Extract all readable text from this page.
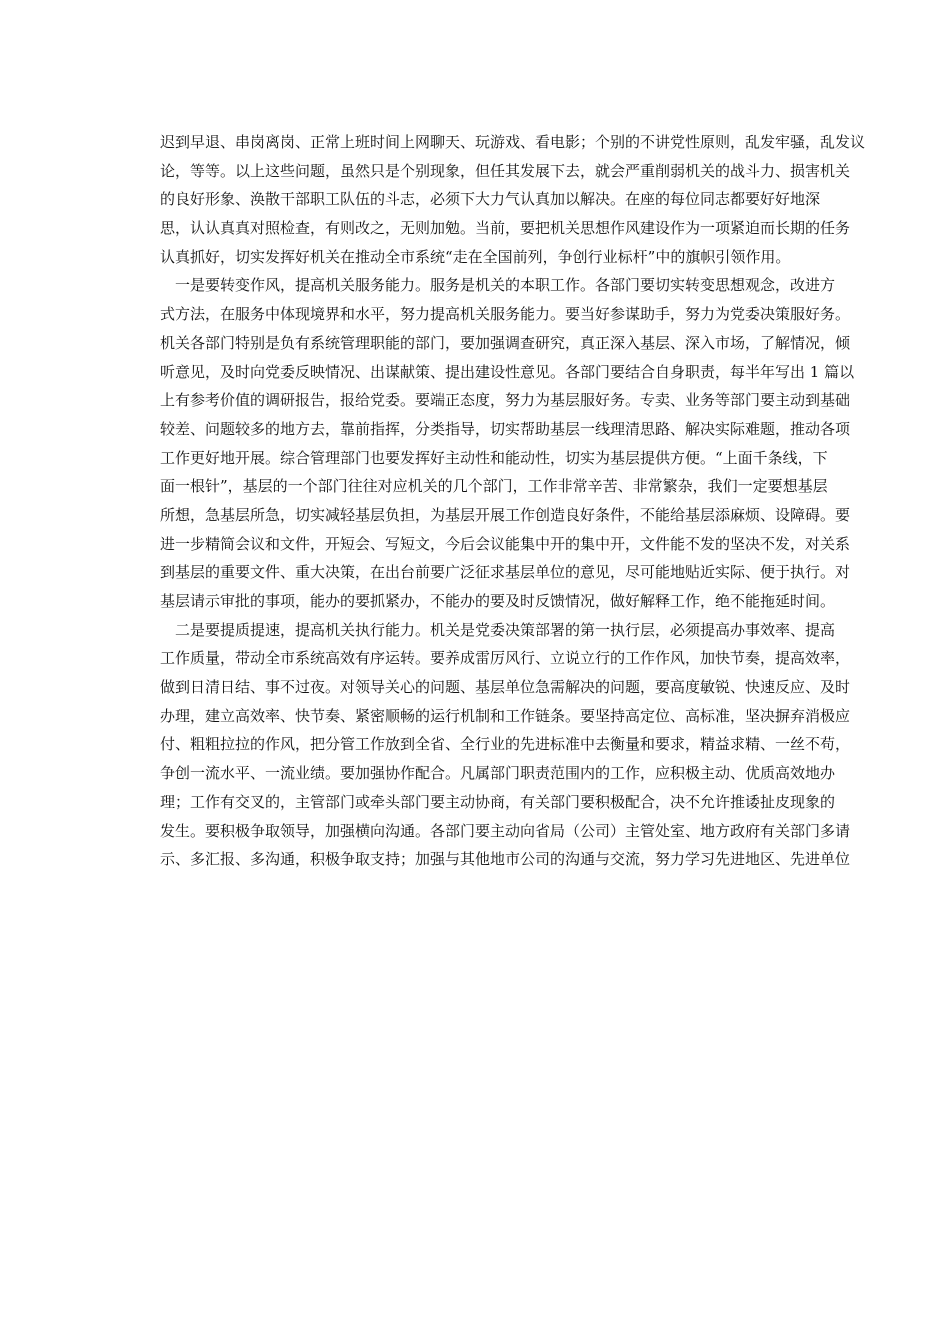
迟到早退、串岗离岗、正常上班时间上网聊天、玩游戏、看电影；个别的不讲党性原则，乱发牢骚，乱发议
论，等等。以上这些问题，虽然只是个别现象，但任其发展下去，就会严重削弱机关的战斗力、损害机关
的良好形象、涣散干部职工队伍的斗志，必须下大力气认真加以解决。在座的每位同志都要好好地深
思，认认真真对照检查，有则改之，无则加勉。当前，要把机关思想作风建设作为一项紧迫而长期的任务
认真抓好，切实发挥好机关在推动全市系统“走在全国前列，争创行业标杆”中的旗帜引领作用。
一是要转变作风，提高机关服务能力。服务是机关的本职工作。各部门要切实转变思想观念，改进方
式方法，在服务中体现境界和水平，努力提高机关服务能力。要当好参谋助手，努力为党委决策服好务。
机关各部门特别是负有系统管理职能的部门，要加强调查研究，真正深入基层、深入市场，了解情况，倾
听意见，及时向党委反映情况、出谋献策、提出建设性意见。各部门要结合自身职责，每半年写出 1 篇以
上有参考价值的调研报告，报给党委。要端正态度，努力为基层服好务。专卖、业务等部门要主动到基础
较差、问题较多的地方去，靠前指挥，分类指导，切实帮助基层一线理清思路、解决实际难题，推动各项
工作更好地开展。综合管理部门也要发挥好主动性和能动性，切实为基层提供方便。“上面千条线，下
面一根针”，基层的一个部门往往对应机关的几个部门，工作非常辛苦、非常繁杂，我们一定要想基层
所想，急基层所急，切实减轻基层负担，为基层开展工作创造良好条件，不能给基层添麻烦、设障碍。要
进一步精简会议和文件，开短会、写短文，今后会议能集中开的集中开，文件能不发的坚决不发，对关系
到基层的重要文件、重大决策，在出台前要广泛征求基层单位的意见，尽可能地贴近实际、便于执行。对
基层请示审批的事项，能办的要抓紧办，不能办的要及时反馈情况，做好解释工作，绝不能拖延时间。
二是要提质提速，提高机关执行能力。机关是党委决策部署的第一执行层，必须提高办事效率、提高
工作质量，带动全市系统高效有序运转。要养成雷厉风行、立说立行的工作作风，加快节奏，提高效率，
做到日清日结、事不过夜。对领导关心的问题、基层单位急需解决的问题，要高度敏锐、快速反应、及时
办理，建立高效率、快节奏、紧密顺畅的运行机制和工作链条。要坚持高定位、高标准，坚决摒弃消极应
付、粗粗拉拉的作风，把分管工作放到全省、全行业的先进标准中去衡量和要求，精益求精、一丝不苟，
争创一流水平、一流业绩。要加强协作配合。凡属部门职责范围内的工作，应积极主动、优质高效地办
理；工作有交叉的，主管部门或牵头部门要主动协商，有关部门要积极配合，决不允许推诿扯皮现象的
发生。要积极争取领导，加强横向沟通。各部门要主动向省局（公司）主管处室、地方政府有关部门多请
示、多汇报、多沟通，积极争取支持；加强与其他地市公司的沟通与交流，努力学习先进地区、先进单位
